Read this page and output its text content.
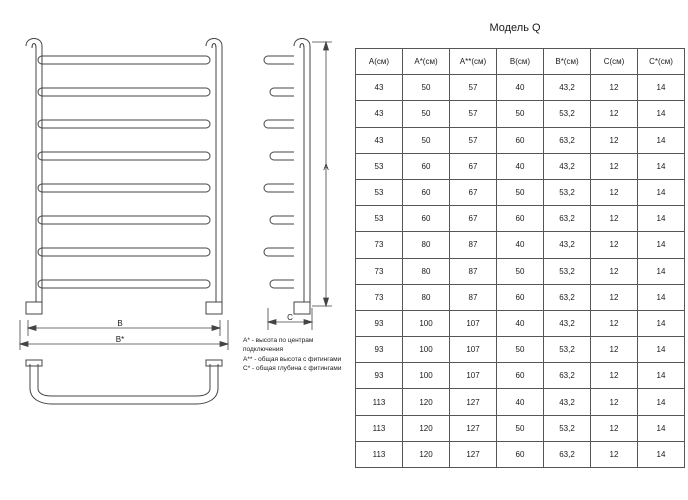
B
B*
C
A
A* - высота по центрам подключения
A** - общая высота с фитингами
C* - общая глубина с фитингами
Модель Q
A(см)	A*(см)	A**(см)	B(см)	B*(см)	C(см)	C*(см)
43	50	57	40	43,2	12	14
43	50	57	50	53,2	12	14
43	50	57	60	63,2	12	14
53	60	67	40	43,2	12	14
53	60	67	50	53,2	12	14
53	60	67	60	63,2	12	14
73	80	87	40	43,2	12	14
73	80	87	50	53,2	12	14
73	80	87	60	63,2	12	14
93	100	107	40	43,2	12	14
93	100	107	50	53,2	12	14
93	100	107	60	63,2	12	14
113	120	127	40	43,2	12	14
113	120	127	50	53,2	12	14
113	120	127	60	63,2	12	14
